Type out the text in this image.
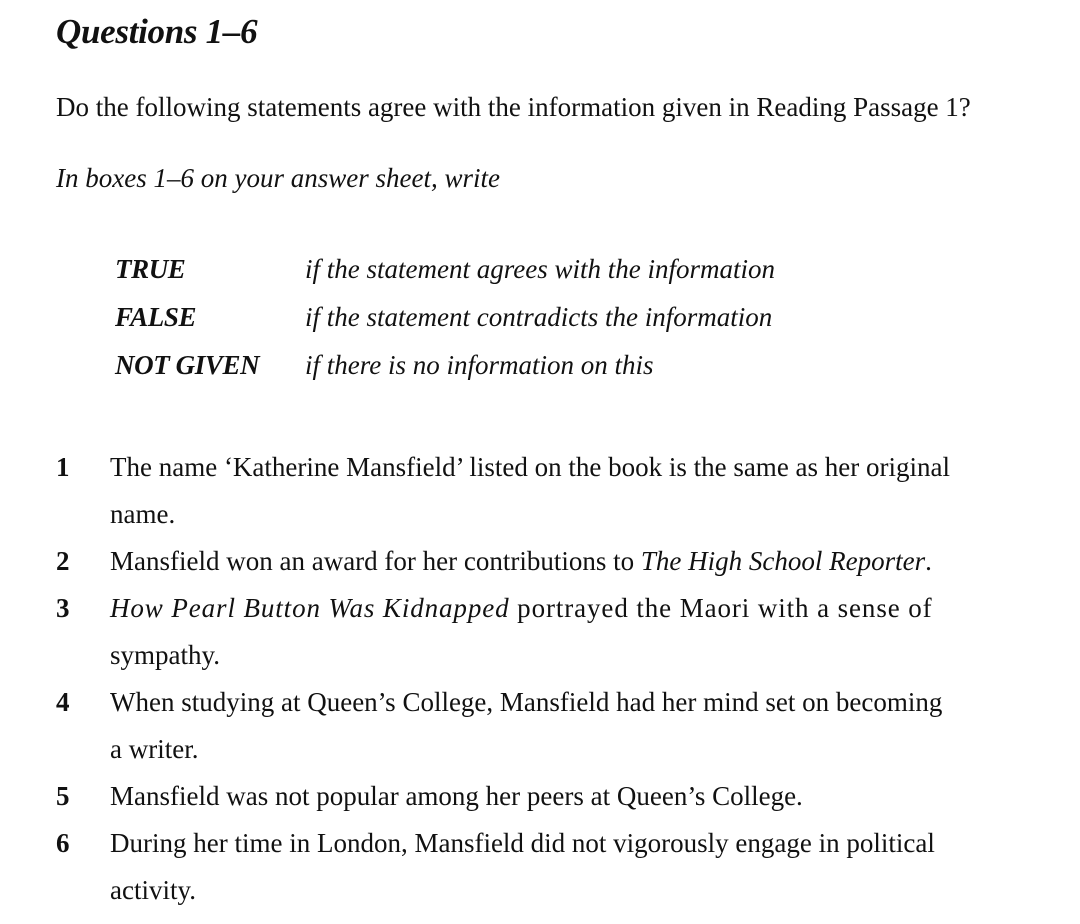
Questions 1–6
Do the following statements agree with the information given in Reading Passage 1?
In boxes 1–6 on your answer sheet, write
TRUE	if the statement agrees with the information
FALSE	if the statement contradicts the information
NOT GIVEN if there is no information on this
1	The name ‘Katherine Mansfield’ listed on the book is the same as her original
name.
2	Mansfield won an award for her contributions to The High School Reporter.
3	How Pearl Button Was Kidnapped portrayed the Maori with a sense of
sympathy.
4	When studying at Queen’s College, Mansfield had her mind set on becoming
a writer.
5	Mansfield was not popular among her peers at Queen’s College.
6	During her time in London, Mansfield did not vigorously engage in political
activity.
